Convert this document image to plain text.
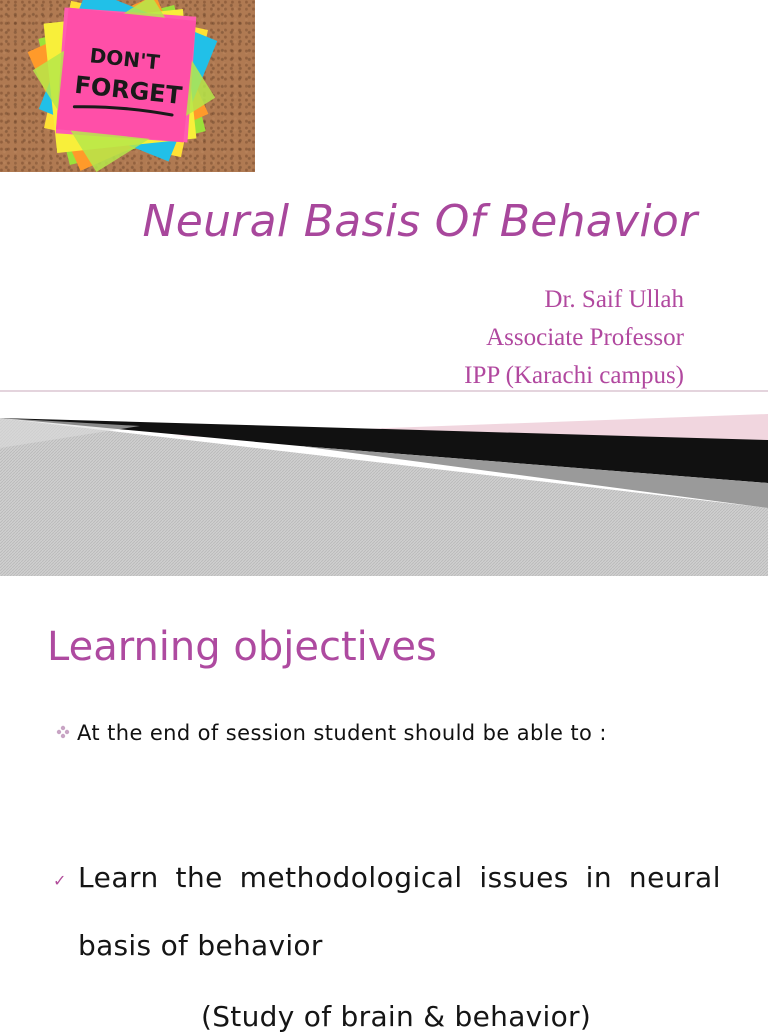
DON'T
FORGET
Neural Basis Of Behavior
Dr. Saif Ullah
Associate Professor
IPP (Karachi campus)
Learning objectives
At the end of session student should be able to :
✓ Learn the methodological issues in neural
basis of behavior
(Study of brain & behavior)
